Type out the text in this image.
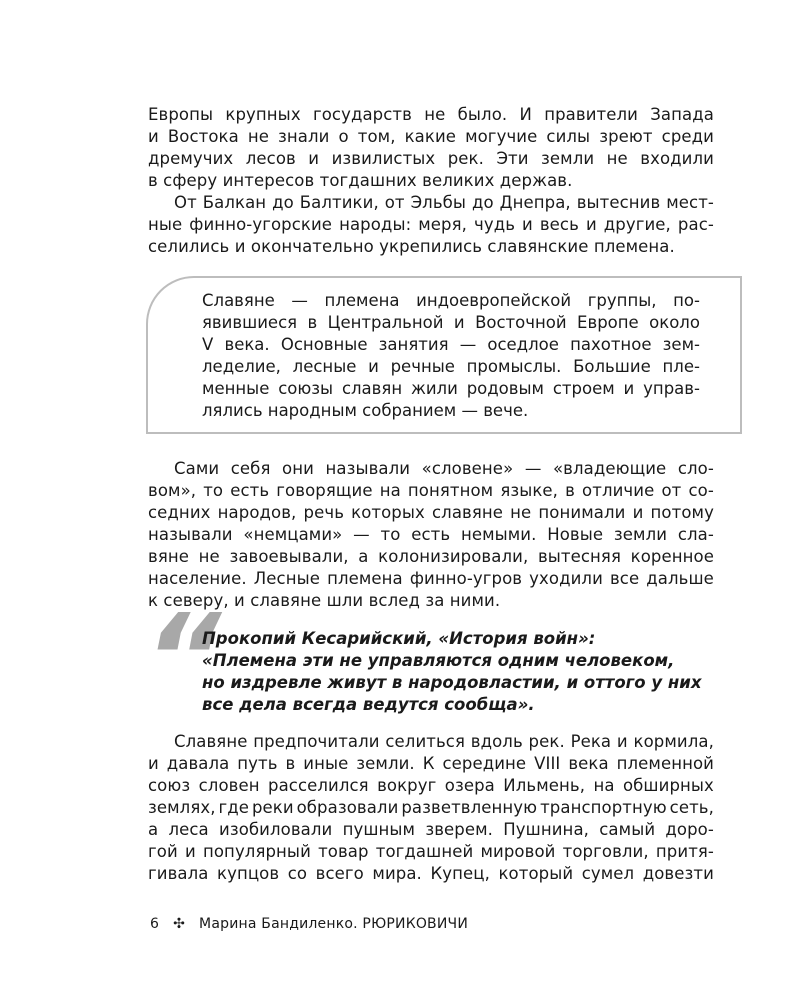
Европы крупных государств не было. И правители Запада
и Востока не знали о том, какие могучие силы зреют среди
дремучих лесов и извилистых рек. Эти земли не входили
в сферу интересов тогдашних великих держав.
От Балкан до Балтики, от Эльбы до Днепра, вытеснив мест-
ные финно-угорские народы: меря, чудь и весь и другие, рас-
селились и окончательно укрепились славянские племена.
Славяне — племена индоевропейской группы, по-
явившиеся в Центральной и Восточной Европе около
V века. Основные занятия — оседлое пахотное зем-
леделие, лесные и речные промыслы. Большие пле-
менные союзы славян жили родовым строем и управ-
лялись народным собранием — вече.
Сами себя они называли «словене» — «владеющие сло-
вом», то есть говорящие на понятном языке, в отличие от со-
седних народов, речь которых славяне не понимали и потому
называли «немцами» — то есть немыми. Новые земли сла-
вяне не завоевывали, а колонизировали, вытесняя коренное
население. Лесные племена финно-угров уходили все дальше
к северу, и славяне шли вслед за ними.
“
Прокопий Кесарийский, «История войн»:
«Племена эти не управляются одним человеком,
но издревле живут в народовластии, и оттого у них
все дела всегда ведутся сообща».
Славяне предпочитали селиться вдоль рек. Река и кормила,
и давала путь в иные земли. К середине VIII века племенной
союз словен расселился вокруг озера Ильмень, на обширных
землях, где реки образовали разветвленную транспортную сеть,
а леса изобиловали пушным зверем. Пушнина, самый доро-
гой и популярный товар тогдашней мировой торговли, притя-
гивала купцов со всего мира. Купец, который сумел довезти
6 ✣ Марина Бандиленко. РЮРИКОВИЧИ
